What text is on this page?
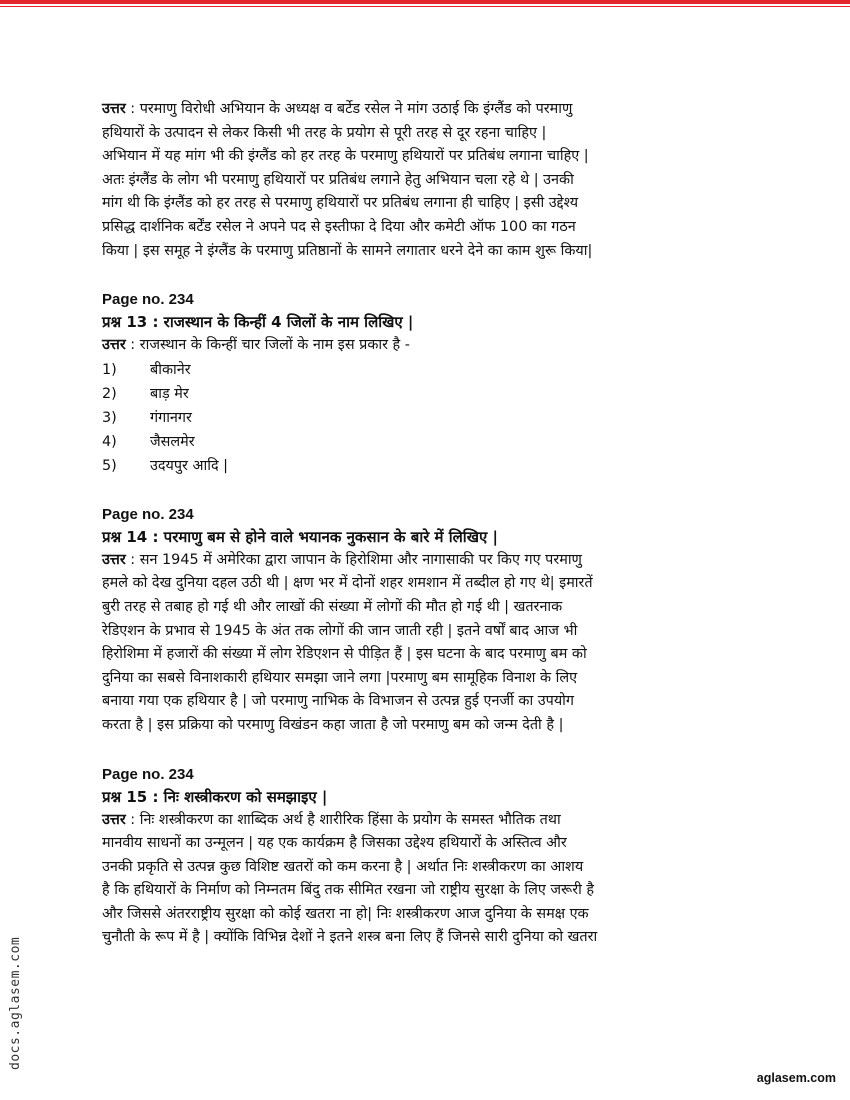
उत्तर : परमाणु विरोधी अभियान के अध्यक्ष व बर्टेड रसेल ने मांग उठाई कि इंग्लैंड को परमाणु
हथियारों के उत्पादन से लेकर किसी भी तरह के प्रयोग से पूरी तरह से दूर रहना चाहिए |
अभियान में यह मांग भी की इंग्लैंड को हर तरह के परमाणु हथियारों पर प्रतिबंध लगाना चाहिए |
अतः इंग्लैंड के लोग भी परमाणु हथियारों पर प्रतिबंध लगाने हेतु अभियान चला रहे थे | उनकी
मांग थी कि इंग्लैंड को हर तरह से परमाणु हथियारों पर प्रतिबंध लगाना ही चाहिए | इसी उद्देश्य
प्रसिद्ध दार्शनिक बर्टेंड रसेल ने अपने पद से इस्तीफा दे दिया और कमेटी ऑफ 100 का गठन
किया | इस समूह ने इंग्लैंड के परमाणु प्रतिष्ठानों के सामने लगातार धरने देने का काम शुरू किया|

Page no. 234
प्रश्न 13 : राजस्थान के किन्हीं 4 जिलों के नाम लिखिए |

उत्तर : राजस्थान के किन्हीं चार जिलों के नाम इस प्रकार है -

1)	बीकानेर
2)	बाड़ मेर
3)	गंगानगर
4)	जैसलमेर
5)	उदयपुर आदि |
Page no. 234
प्रश्न 14 : परमाणु बम से होने वाले भयानक नुकसान के बारे में लिखिए |

उत्तर : सन 1945 में अमेरिका द्वारा जापान के हिरोशिमा और नागासाकी पर किए गए परमाणु
हमले को देख दुनिया दहल उठी थी | क्षण भर में दोनों शहर शमशान में तब्दील हो गए थे| इमारतें
बुरी तरह से तबाह हो गई थी और लाखों की संख्या में लोगों की मौत हो गई थी | खतरनाक
रेडिएशन के प्रभाव से 1945 के अंत तक लोगों की जान जाती रही | इतने वर्षों बाद आज भी
हिरोशिमा में हजारों की संख्या में लोग रेडिएशन से पीड़ित हैं | इस घटना के बाद परमाणु बम को
दुनिया का सबसे विनाशकारी हथियार समझा जाने लगा |परमाणु बम सामूहिक विनाश के लिए
बनाया गया एक हथियार है | जो परमाणु नाभिक के विभाजन से उत्पन्न हुई एनर्जी का उपयोग
करता है | इस प्रक्रिया को परमाणु विखंडन कहा जाता है जो परमाणु बम को जन्म देती है |

Page no. 234
प्रश्न 15 : निः शस्त्रीकरण को समझाइए |

उत्तर : निः शस्त्रीकरण का शाब्दिक अर्थ है शारीरिक हिंसा के प्रयोग के समस्त भौतिक तथा
मानवीय साधनों का उन्मूलन | यह एक कार्यक्रम है जिसका उद्देश्य हथियारों के अस्तित्व और
उनकी प्रकृति से उत्पन्न कुछ विशिष्ट खतरों को कम करना है | अर्थात निः शस्त्रीकरण का आशय
है कि हथियारों के निर्माण को निम्नतम बिंदु तक सीमित रखना जो राष्ट्रीय सुरक्षा के लिए जरूरी है
और जिससे अंतरराष्ट्रीय सुरक्षा को कोई खतरा ना हो| निः शस्त्रीकरण आज दुनिया के समक्ष एक
चुनौती के रूप में है | क्योंकि विभिन्न देशों ने इतने शस्त्र बना लिए हैं जिनसे सारी दुनिया को खतरा

docs.aglasem.com
aglasem.com
